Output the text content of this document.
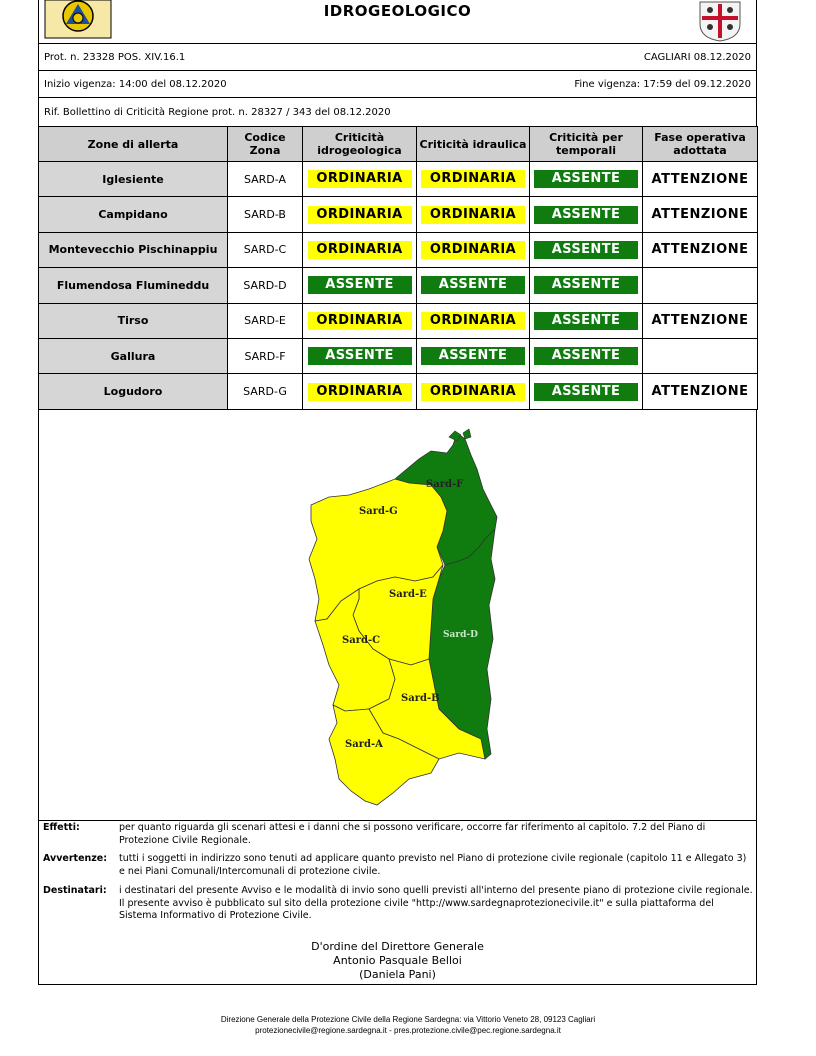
IDROGEOLOGICO
Prot. n. 23328 POS. XIV.16.1	CAGLIARI 08.12.2020
Inizio vigenza: 14:00 del 08.12.2020	Fine vigenza: 17:59 del 09.12.2020
Rif. Bollettino di Criticità Regione prot. n. 28327 / 343 del 08.12.2020
Zone di allerta	Codice Zona	Criticità idrogeologica	Criticità idraulica	Criticità per temporali	Fase operativa adottata
Iglesiente	SARD-A	ORDINARIA	ORDINARIA	ASSENTE	ATTENZIONE
Campidano	SARD-B	ORDINARIA	ORDINARIA	ASSENTE	ATTENZIONE
Montevecchio Pischinappiu	SARD-C	ORDINARIA	ORDINARIA	ASSENTE	ATTENZIONE
Flumendosa Flumineddu	SARD-D	ASSENTE	ASSENTE	ASSENTE	
Tirso	SARD-E	ORDINARIA	ORDINARIA	ASSENTE	ATTENZIONE
Gallura	SARD-F	ASSENTE	ASSENTE	ASSENTE	
Logudoro	SARD-G	ORDINARIA	ORDINARIA	ASSENTE	ATTENZIONE
Sard-F
Sard-G
Sard-E
Sard-C	Sard-D
Sard-B
Sard-A
Effetti:	per quanto riguarda gli scenari attesi e i danni che si possono verificare, occorre far riferimento al capitolo. 7.2 del Piano di Protezione Civile Regionale.
Avvertenze:	tutti i soggetti in indirizzo sono tenuti ad applicare quanto previsto nel Piano di protezione civile regionale (capitolo 11 e Allegato 3) e nei Piani Comunali/Intercomunali di protezione civile.
Destinatari:	i destinatari del presente Avviso e le modalità di invio sono quelli previsti all'interno del presente piano di protezione civile regionale. Il presente avviso è pubblicato sul sito della protezione civile "http://www.sardegnaprotezionecivile.it" e sulla piattaforma del Sistema Informativo di Protezione Civile.
D'ordine del Direttore Generale
Antonio Pasquale Belloi
(Daniela Pani)
Direzione Generale della Protezione Civile della Regione Sardegna: via Vittorio Veneto 28, 09123 Cagliari
protezionecivile@regione.sardegna.it - pres.protezione.civile@pec.regione.sardegna.it
